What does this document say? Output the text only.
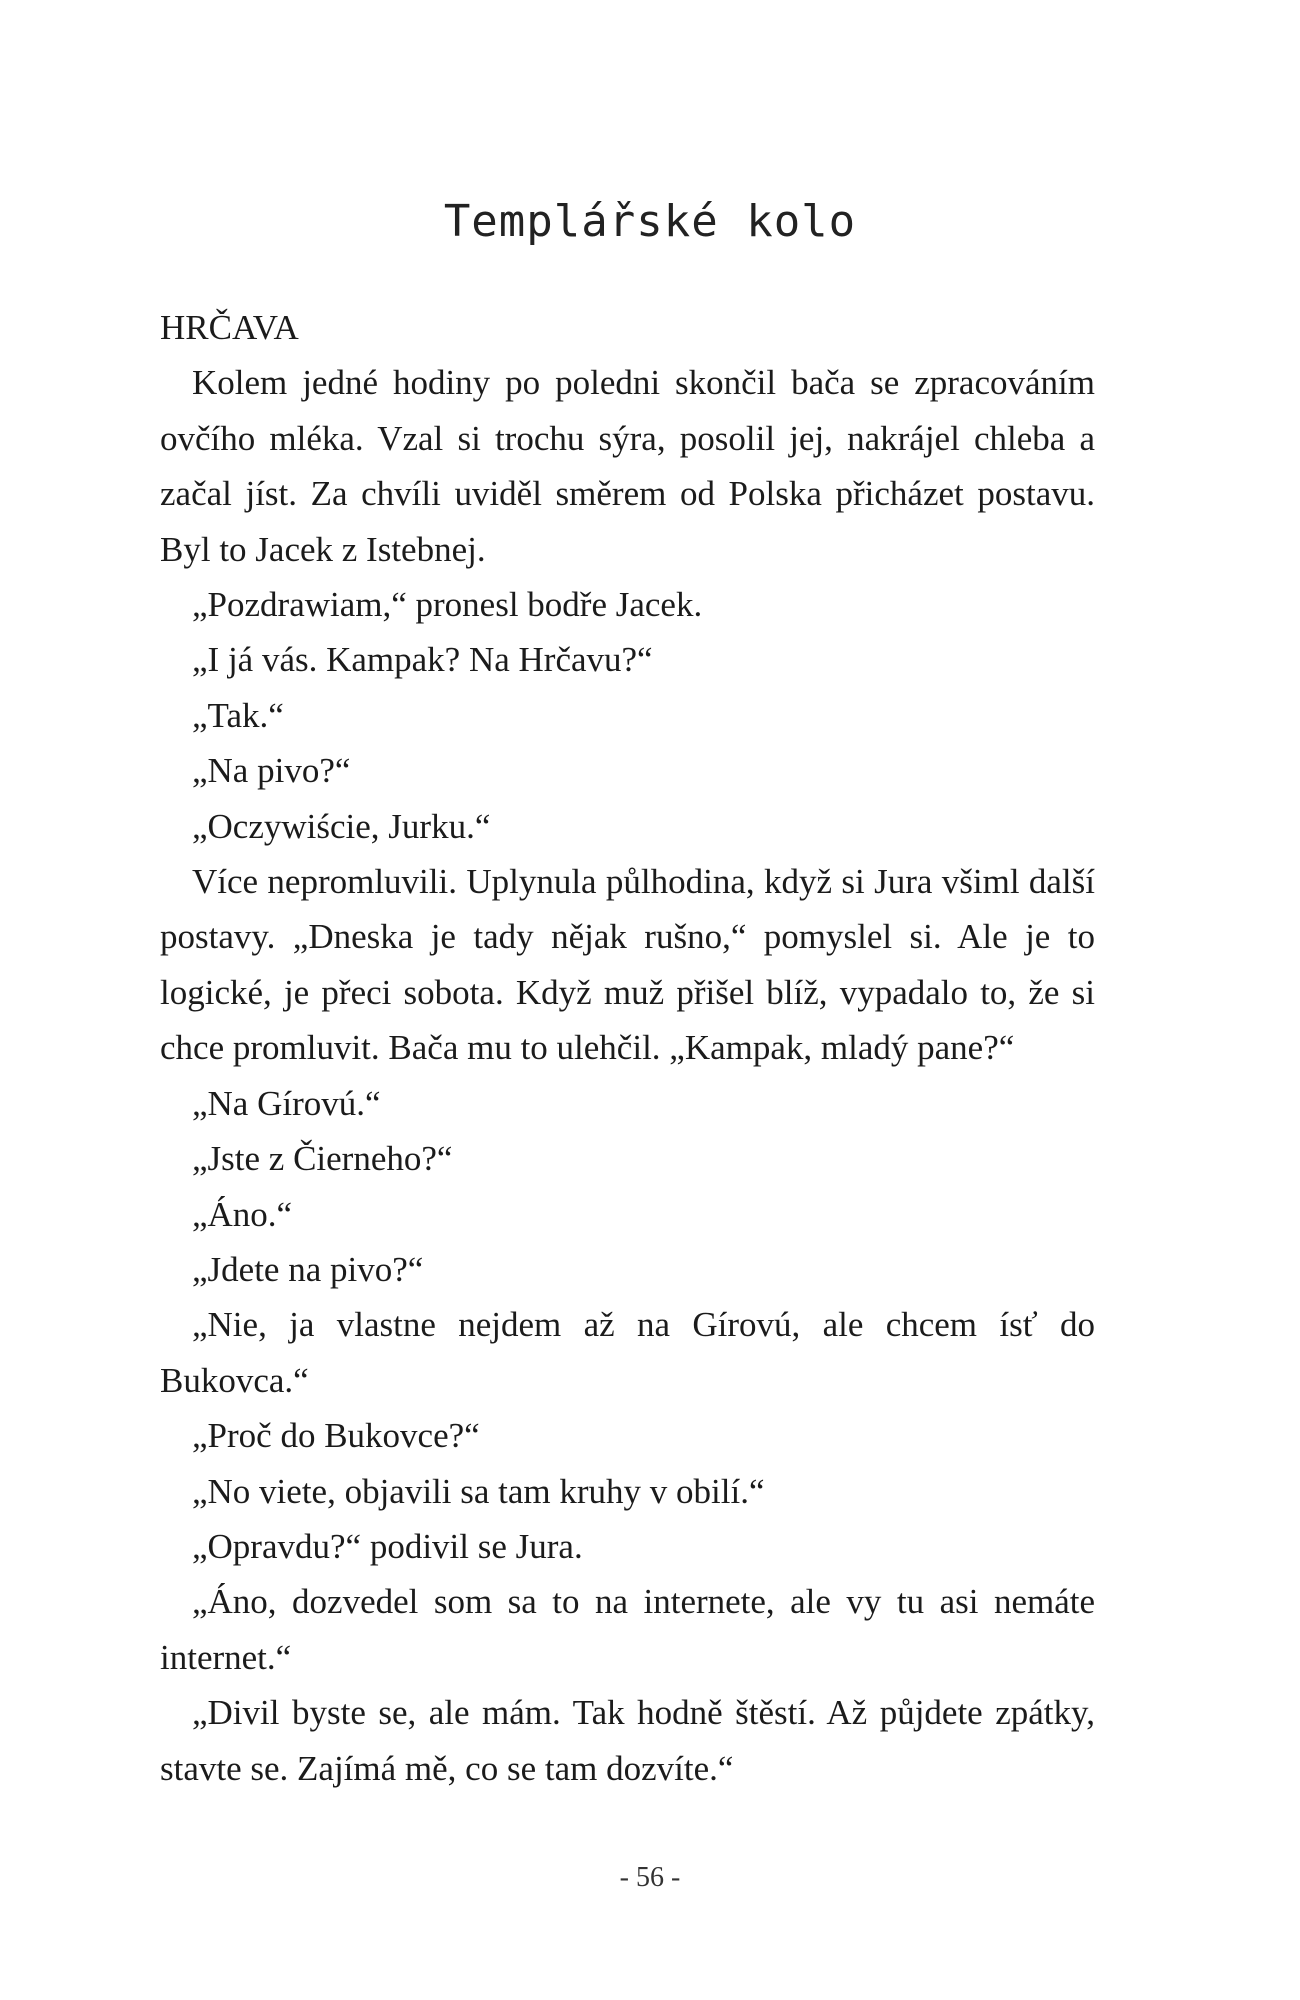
Templářské kolo

HRČAVA

Kolem jedné hodiny po poledni skončil bača se zpracováním ovčího mléka. Vzal si trochu sýra, posolil jej, nakrájel chleba a začal jíst. Za chvíli uviděl směrem od Polska přicházet postavu. Byl to Jacek z Istebnej.

„Pozdrawiam,“ pronesl bodře Jacek.

„I já vás. Kampak? Na Hrčavu?“

„Tak.“

„Na pivo?“

„Oczywiście, Jurku.“

Více nepromluvili. Uplynula půlhodina, když si Jura všiml další postavy. „Dneska je tady nějak rušno,“ pomyslel si. Ale je to logické, je přeci sobota. Když muž přišel blíž, vypadalo to, že si chce promluvit. Bača mu to ulehčil. „Kampak, mladý pane?“

„Na Gírovú.“

„Jste z Čierneho?“

„Áno.“

„Jdete na pivo?“

„Nie, ja vlastne nejdem až na Gírovú, ale chcem ísť do Bukovca.“

„Proč do Bukovce?“

„No viete, objavili sa tam kruhy v obilí.“

„Opravdu?“ podivil se Jura.

„Áno, dozvedel som sa to na internete, ale vy tu asi nemáte internet.“

„Divil byste se, ale mám. Tak hodně štěstí. Až půjdete zpátky, stavte se. Zajímá mě, co se tam dozvíte.“

- 56 -
